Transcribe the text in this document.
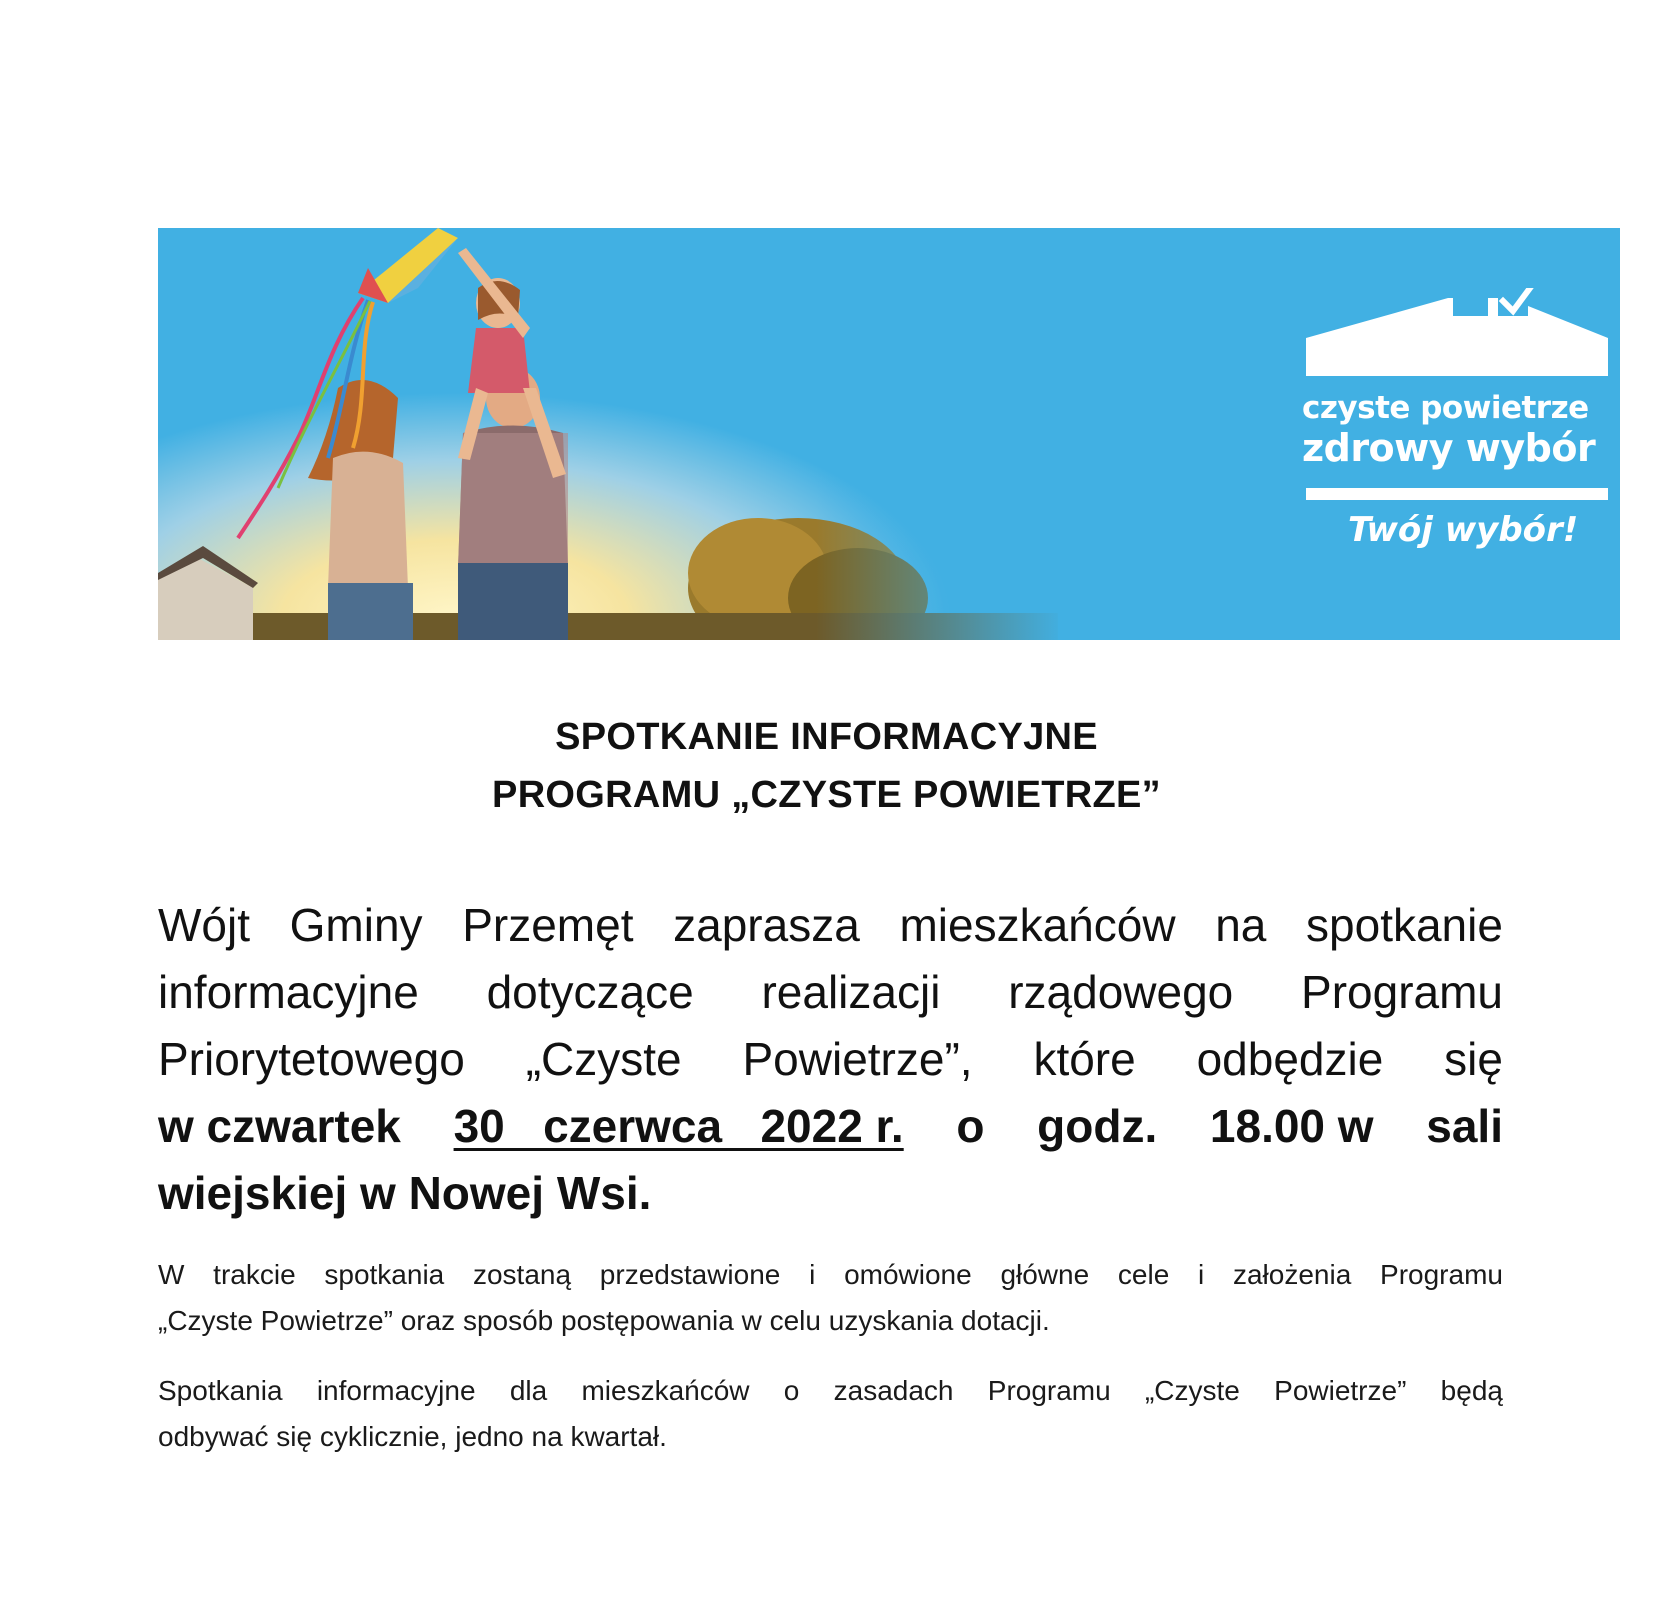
czyste powietrze
zdrowy wybór
Twój wybór!
SPOTKANIE INFORMACYJNE
PROGRAMU „CZYSTE POWIETRZE”
Wójt Gminy Przemęt zaprasza mieszkańców na spotkanie
informacyjne dotyczące realizacji rządowego Programu
Priorytetowego „Czyste Powietrze”, które odbędzie się
w czwartek 30   czerwca   2022 r. o godz. 18.00 w sali
wiejskiej w Nowej Wsi.
W trakcie spotkania zostaną przedstawione i omówione główne cele i założenia Programu
„Czyste Powietrze” oraz sposób postępowania w celu uzyskania dotacji.
Spotkania informacyjne dla mieszkańców o zasadach Programu „Czyste Powietrze” będą
odbywać się cyklicznie, jedno na kwartał.
